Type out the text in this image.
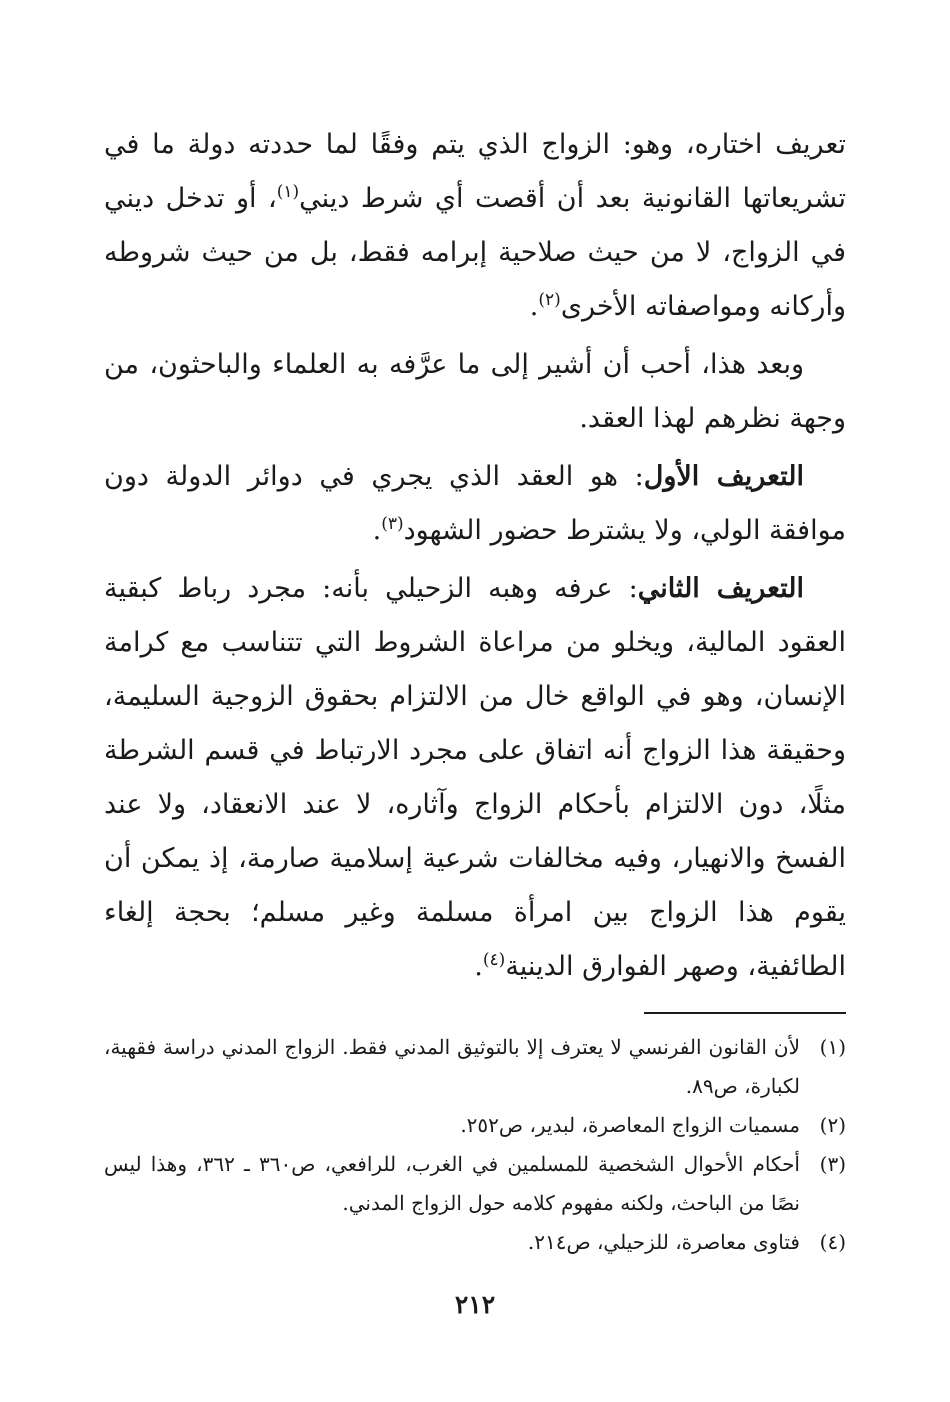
تعريف اختاره، وهو: الزواج الذي يتم وفقًا لما حددته دولة ما في تشريعاتها القانونية بعد أن أقصت أي شرط ديني$^{(١)}$، أو تدخل ديني في الزواج، لا من حيث صلاحية إبرامه فقط، بل من حيث شروطه وأركانه ومواصفاته الأخرى$^{(٢)}$.

وبعد هذا، أحب أن أشير إلى ما عرَّفه به العلماء والباحثون، من وجهة نظرهم لهذا العقد.

التعريف الأول: هو العقد الذي يجري في دوائر الدولة دون موافقة الولي، ولا يشترط حضور الشهود$^{(٣)}$.

التعريف الثاني: عرفه وهبه الزحيلي بأنه: مجرد رباط كبقية العقود المالية، ويخلو من مراعاة الشروط التي تتناسب مع كرامة الإنسان، وهو في الواقع خال من الالتزام بحقوق الزوجية السليمة، وحقيقة هذا الزواج أنه اتفاق على مجرد الارتباط في قسم الشرطة مثلًا، دون الالتزام بأحكام الزواج وآثاره، لا عند الانعقاد، ولا عند الفسخ والانهيار، وفيه مخالفات شرعية إسلامية صارمة، إذ يمكن أن يقوم هذا الزواج بين امرأة مسلمة وغير مسلم؛ بحجة إلغاء الطائفية، وصهر الفوارق الدينية$^{(٤)}$.

(١)
لأن القانون الفرنسي لا يعترف إلا بالتوثيق المدني فقط. الزواج المدني دراسة فقهية، لكبارة، ص٨٩.
(٢)
مسميات الزواج المعاصرة، لبدير، ص٢٥٢.
(٣)
أحكام الأحوال الشخصية للمسلمين في الغرب، للرافعي، ص٣٦٠ ـ ٣٦٢، وهذا ليس نصًا من الباحث، ولكنه مفهوم كلامه حول الزواج المدني.
(٤)
فتاوى معاصرة، للزحيلي، ص٢١٤.
٢١٢
